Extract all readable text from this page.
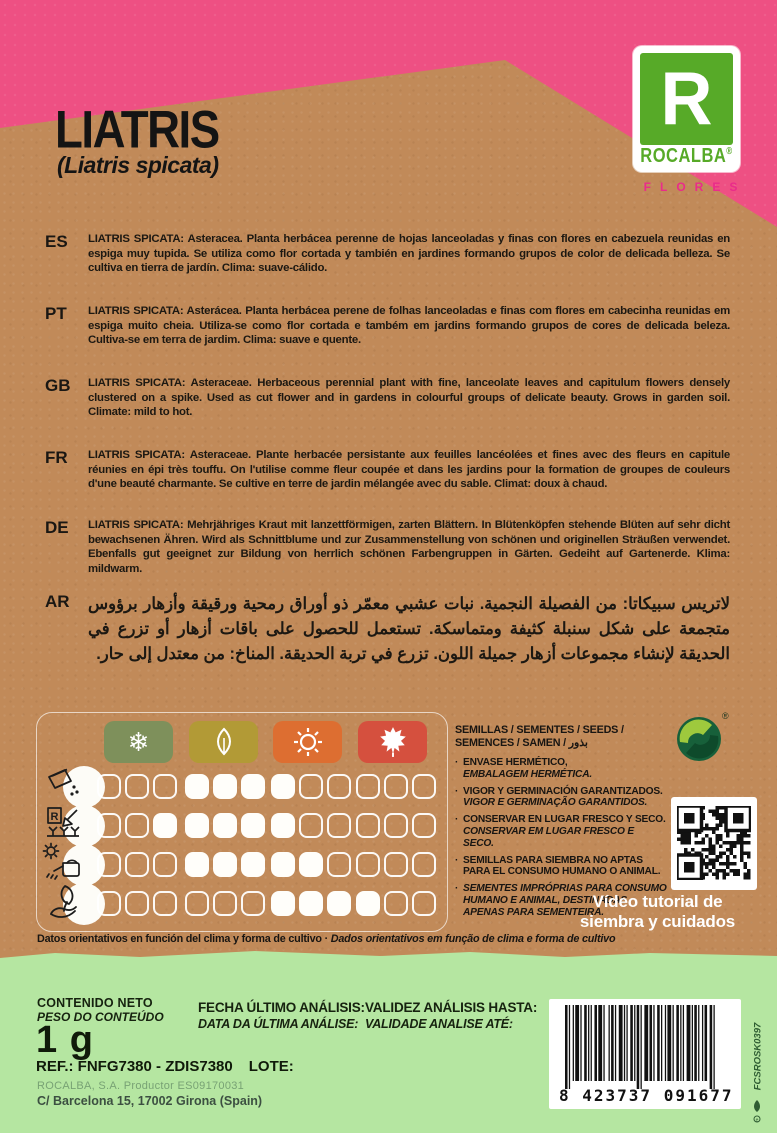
LIATRIS
(Liatris spicata)
R
ROCALBA®
FLORES
ES	LIATRIS SPICATA: Asteracea. Planta herbácea perenne de hojas lanceoladas y finas con flores en cabezuela reunidas en espiga muy tupida. Se utiliza como flor cortada y también en jardines formando grupos de color de delicada belleza. Se cultiva en tierra de jardín. Clima: suave-cálido.
PT	LIATRIS SPICATA: Asterácea. Planta herbácea perene de folhas lanceoladas e finas com flores em cabecinha reunidas em espiga muito cheia. Utiliza-se como flor cortada e também em jardins formando grupos de cores de delicada beleza. Cultiva-se em terra de jardim. Clima: suave e quente.
GB	LIATRIS SPICATA: Asteraceae. Herbaceous perennial plant with fine, lanceolate leaves and capitulum flowers densely clustered on a spike. Used as cut flower and in gardens in colourful groups of delicate beauty. Grows in garden soil. Climate: mild to hot.
FR	LIATRIS SPICATA: Asteraceae. Plante herbacée persistante aux feuilles lancéolées et fines avec des fleurs en capitule réunies en épi très touffu. On l'utilise comme fleur coupée et dans les jardins pour la formation de groupes de couleurs d'une beauté charmante. Se cultive en terre de jardin mélangée avec du sable. Climat: doux à chaud.
DE	LIATRIS SPICATA: Mehrjähriges Kraut mit lanzettförmigen, zarten Blättern. In Blütenköpfen stehende Blüten auf sehr dicht bewachsenen Ähren. Wird als Schnittblume und zur Zusammenstellung von schönen und originellen Sträußen verwendet. Ebenfalls gut geeignet zur Bildung von herrlich schönen Farbengruppen in Gärten. Gedeiht auf Gartenerde. Klima: mildwarm.
AR	لاتريس سبيكاتا: من الفصيلة النجمية. نبات عشبي معمّر ذو أوراق رمحية ورقيقة وأزهار برؤوس متجمعة على شكل سنبلة كثيفة ومتماسكة. تستعمل للحصول على باقات أزهار أو تزرع في الحديقة لإنشاء مجموعات أزهار جميلة اللون. تزرع في تربة الحديقة. المناخ: من معتدل إلى حار.
❄
R
Datos orientativos en función del clima y forma de cultivo · Dados orientativos em função de clima e forma de cultivo
SEMILLAS / SEMENTES / SEEDS /
SEMENCES / SAMEN / بذور
· ENVASE HERMÉTICO,
EMBALAGEM HERMÉTICA.
· VIGOR Y GERMINACIÓN GARANTIZADOS.
VIGOR E GERMINAÇÃO GARANTIDOS.
· CONSERVAR EN LUGAR FRESCO Y SECO.
CONSERVAR EM LUGAR FRESCO E SECO.
· SEMILLAS PARA SIEMBRA NO APTAS PARA EL CONSUMO HUMANO O ANIMAL.
· SEMENTES IMPRÓPRIAS PARA CONSUMO HUMANO E ANIMAL, DESTINADAS APENAS PARA SEMENTEIRA.
®
Vídeo tutorial de
siembra y cuidados
CONTENIDO NETO
PESO DO CONTEÚDO
1 g
REF.: FNFG7380 - ZDIS7380 LOTE:
ROCALBA, S.A. Productor ES09170031
C/ Barcelona 15, 17002 Girona (Spain)
FECHA ÚLTIMO ANÁLISIS:
DATA DA ÚLTIMA ANÁLISE:
VALIDEZ ANÁLISIS HASTA:
VALIDADE ANALISE ATÉ:
8 423737 091677
FCSROSK0397
e
